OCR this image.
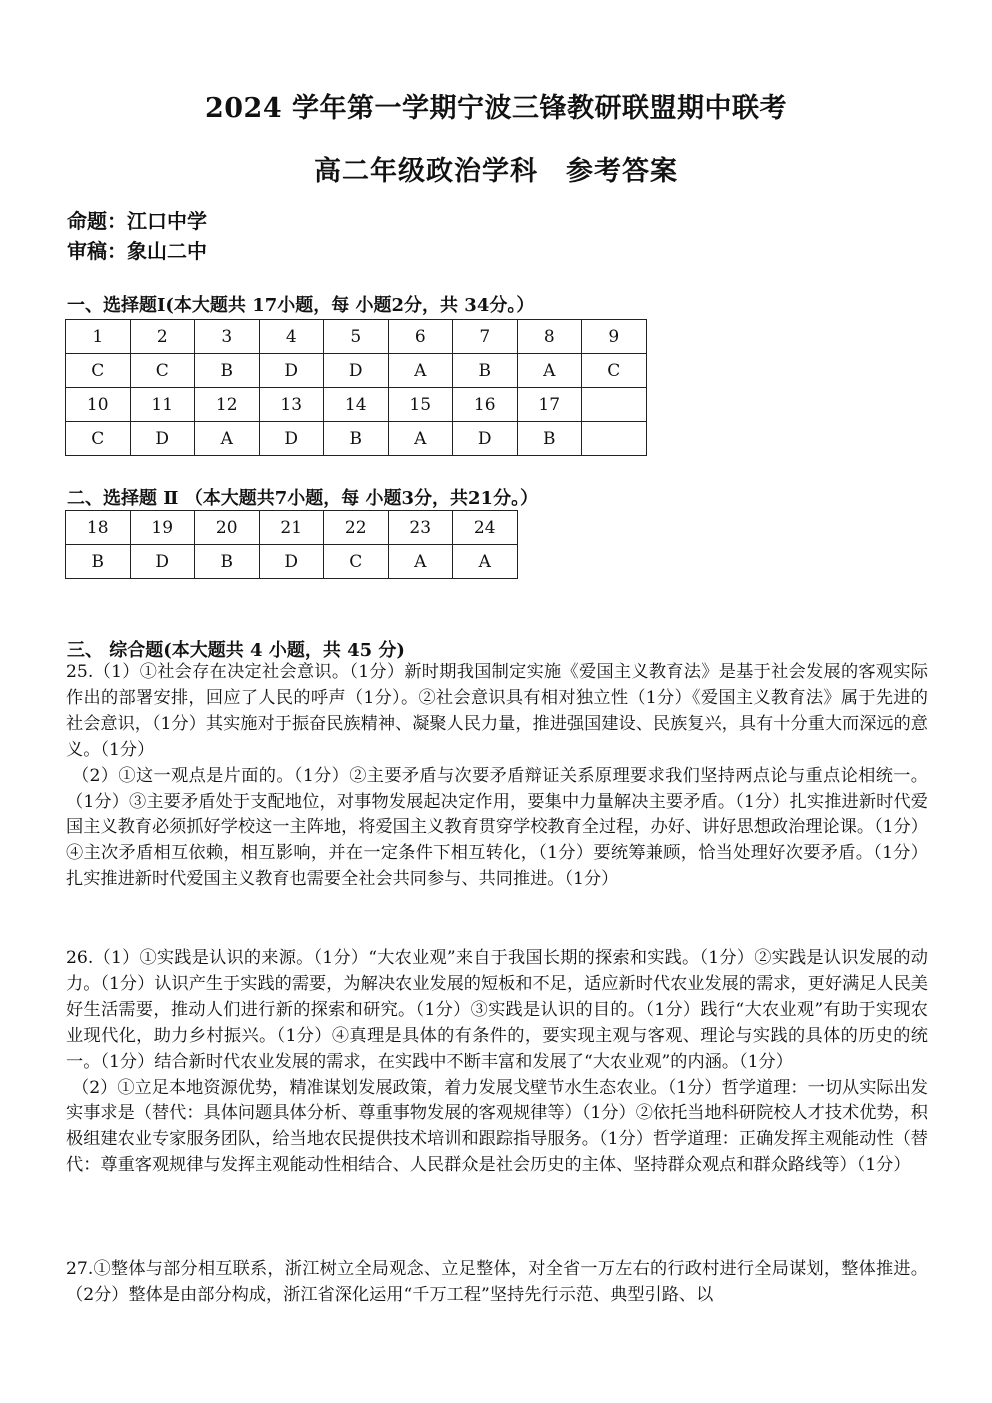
2024 学年第一学期宁波三锋教研联盟期中联考
高二年级政治学科 参考答案
命题：江口中学
审稿：象山二中
一、选择题Ⅰ(本大题共 17小题，每 小题2分，共 34分。）
1	2	3	4	5	6	7	8	9
C	C	B	D	D	A	B	A	C
10	11	12	13	14	15	16	17	
C	D	A	D	B	A	D	B	
二、选择题 Ⅱ （本大题共7小题，每 小题3分，共21分。）
18	19	20	21	22	23	24
B	D	B	D	C	A	A
三、 综合题(本大题共 4 小题，共 45 分)

25.（1）①社会存在决定社会意识。（1分）新时期我国制定实施《爱国主义教育法》是基于社会发展的客观实际作出的部署安排，回应了人民的呼声（1分）。②社会意识具有相对独立性（1分）《爱国主义教育法》属于先进的社会意识，（1分）其实施对于振奋民族精神、凝聚人民力量，推进强国建设、民族复兴，具有十分重大而深远的意义。（1分）

（2）①这一观点是片面的。（1分）②主要矛盾与次要矛盾辩证关系原理要求我们坚持两点论与重点论相统一。（1分）③主要矛盾处于支配地位，对事物发展起决定作用，要集中力量解决主要矛盾。（1分）扎实推进新时代爱国主义教育必须抓好学校这一主阵地，将爱国主义教育贯穿学校教育全过程，办好、讲好思想政治理论课。（1分）④主次矛盾相互依赖，相互影响，并在一定条件下相互转化，（1分）要统筹兼顾，恰当处理好次要矛盾。（1分）扎实推进新时代爱国主义教育也需要全社会共同参与、共同推进。（1分）

26.（1）①实践是认识的来源。（1分）“大农业观”来自于我国长期的探索和实践。（1分）②实践是认识发展的动力。（1分）认识产生于实践的需要，为解决农业发展的短板和不足，适应新时代农业发展的需求，更好满足人民美好生活需要，推动人们进行新的探索和研究。（1分）③实践是认识的目的。（1分）践行“大农业观”有助于实现农业现代化，助力乡村振兴。（1分）④真理是具体的有条件的，要实现主观与客观、理论与实践的具体的历史的统一。（1分）结合新时代农业发展的需求，在实践中不断丰富和发展了“大农业观”的内涵。（1分）

（2）①立足本地资源优势，精准谋划发展政策，着力发展戈壁节水生态农业。（1分）哲学道理：一切从实际出发实事求是（替代：具体问题具体分析、尊重事物发展的客观规律等）（1分）②依托当地科研院校人才技术优势，积极组建农业专家服务团队，给当地农民提供技术培训和跟踪指导服务。（1分）哲学道理：正确发挥主观能动性（替代：尊重客观规律与发挥主观能动性相结合、人民群众是社会历史的主体、坚持群众观点和群众路线等）（1分）

27.①整体与部分相互联系，浙江树立全局观念、立足整体，对全省一万左右的行政村进行全局谋划，整体推进。（2分）整体是由部分构成，浙江省深化运用“千万工程”坚持先行示范、典型引路、以
